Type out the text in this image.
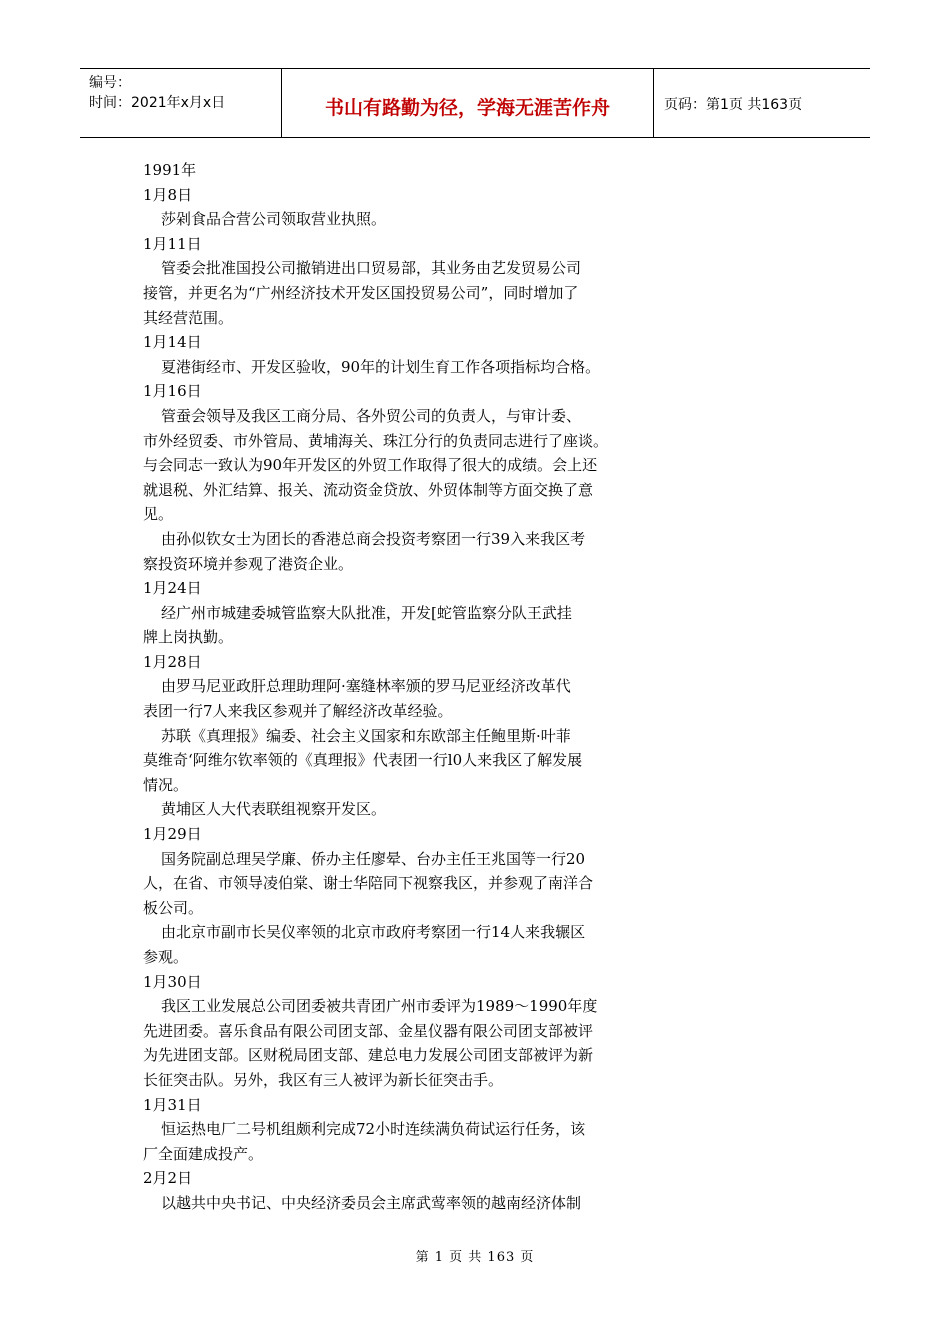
编号：
时间：2021年x月x日	书山有路勤为径，学海无涯苦作舟	页码：第1页 共163页
1991年
1月8日
莎剁食品合营公司领取营业执照。
1月11日
管委会批准国投公司撤销进出口贸易部，其业务由艺发贸易公司
接管，并更名为“广州经济技术开发区国投贸易公司”，同时增加了
其经营范围。
1月14日
夏港街经市、开发区验收，90年的计划生育工作各项指标均合格。
1月16日
管蚕会领导及我区工商分局、各外贸公司的负责人，与审计委、
市外经贸委、市外管局、黄埔海关、珠江分行的负责同志进行了座谈。
与会同志一致认为90年开发区的外贸工作取得了很大的成绩。会上还
就退税、外汇结算、报关、流动资金贷放、外贸体制等方面交换了意
见。
由孙似钦女士为团长的香港总商会投资考察团一行39入来我区考
察投资环境并参观了港资企业。
1月24日
经广州市城建委城管监察大队批准，开发[蛇管监察分队王武挂
牌上岗执勤。
1月28日
由罗马尼亚政肝总理助理阿·塞缝林率颁的罗马尼亚经济改革代
表团一行7人来我区参观并了解经济改革经验。
苏联《真理报》编委、社会主义国家和东欧部主任鲍里斯·叶菲
莫维奇‘阿维尔钦率领的《真理报》代表团一行l0人来我区了解发展
情况。
黄埔区人大代表联组视察开发区。
1月29日
国务院副总理吴学廉、侨办主任廖晕、台办主任王兆国等一行20
人，在省、市领导凌伯棠、谢士华陪同下视察我区，并参观了南洋合
板公司。
由北京市副市长吴仪率领的北京市政府考察团一行14人来我辗区
参观。
1月30日
我区工业发展总公司团委被共青团广州市委评为1989～1990年度
先进团委。喜乐食品有限公司团支部、金星仪器有限公司团支部被评
为先进团支部。区财税局团支部、建总电力发展公司团支部被评为新
长征突击队。另外，我区有三人被评为新长征突击手。
1月31日
恒运热电厂二号机组颇利完成72小时连续满负荷试运行任务，该
厂全面建成投产。
2月2日
以越共中央书记、中央经济委员会主席武莺率领的越南经济体制
第 1 页 共 163 页
